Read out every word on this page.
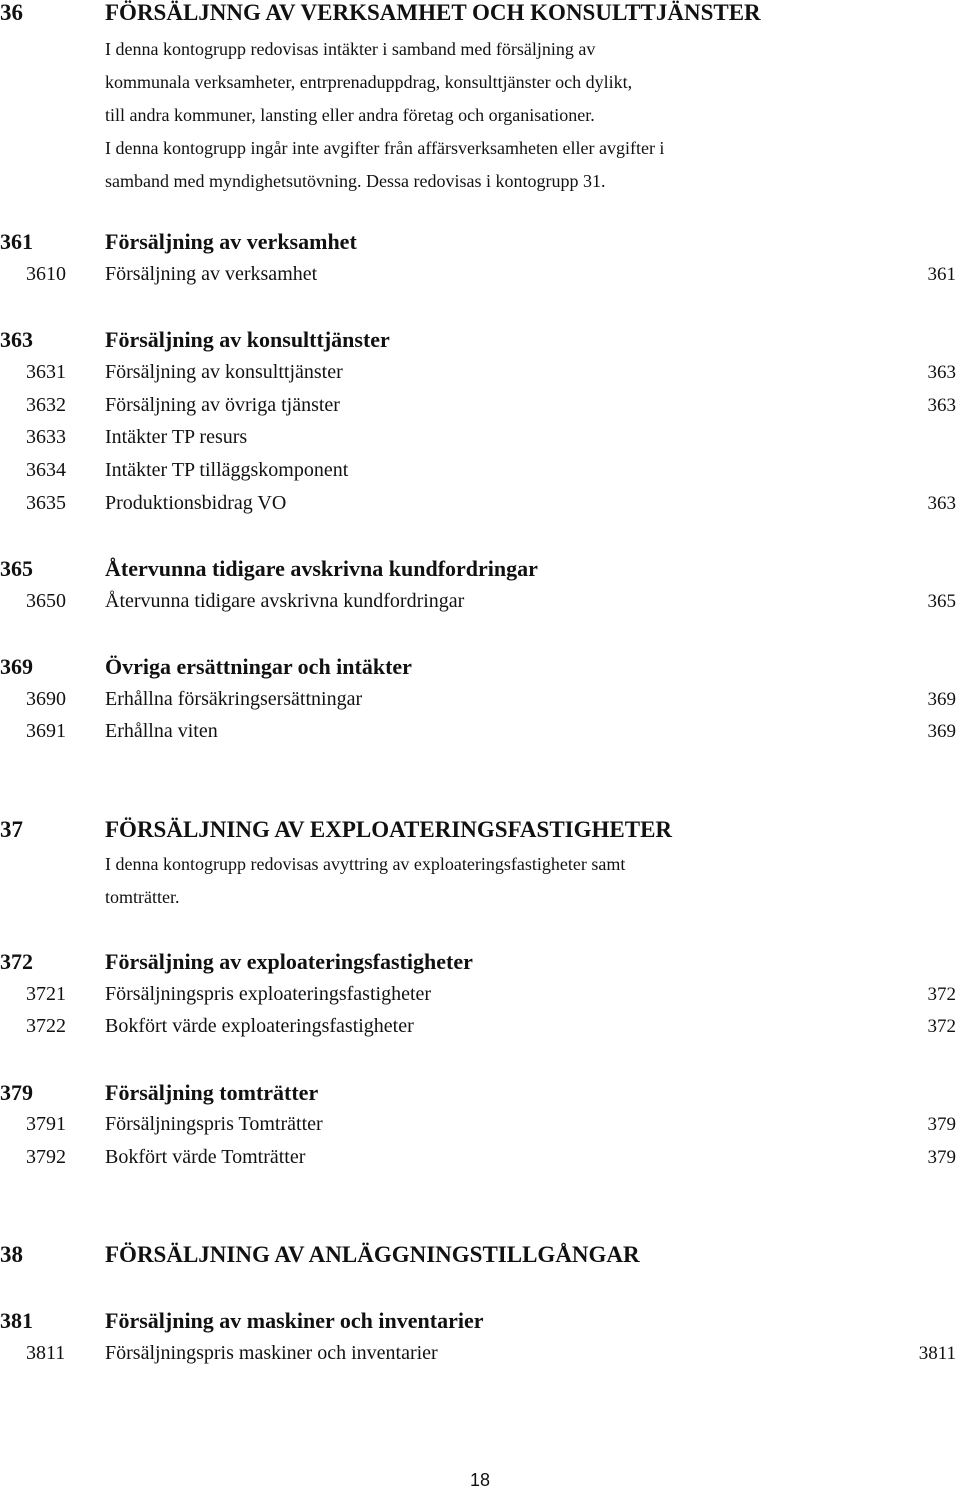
36	FÖRSÄLJNNG AV VERKSAMHET OCH KONSULTTJÄNSTER
I denna kontogrupp redovisas intäkter i samband med försäljning av
kommunala verksamheter, entrprenaduppdrag, konsulttjänster och dylikt,
till andra kommuner, lansting eller andra företag och organisationer.
I denna kontogrupp ingår inte avgifter från affärsverksamheten eller avgifter i
samband med myndighetsutövning. Dessa redovisas i kontogrupp 31.
361	Försäljning av verksamhet
3610 Försäljning av verksamhet	361
363	Försäljning av konsulttjänster
3631 Försäljning av konsulttjänster	363
3632 Försäljning av övriga tjänster	363
3633 Intäkter TP resurs
3634 Intäkter TP tilläggskomponent
3635 Produktionsbidrag VO	363
365	Återvunna tidigare avskrivna kundfordringar
3650 Återvunna tidigare avskrivna kundfordringar	365
369	Övriga ersättningar och intäkter
3690 Erhållna försäkringsersättningar	369
3691 Erhållna viten	369
37	FÖRSÄLJNING AV EXPLOATERINGSFASTIGHETER
I denna kontogrupp redovisas avyttring av exploateringsfastigheter samt
tomträtter.
372	Försäljning av exploateringsfastigheter
3721 Försäljningspris exploateringsfastigheter	372
3722 Bokfört värde exploateringsfastigheter	372
379	Försäljning tomträtter
3791 Försäljningspris Tomträtter	379
3792 Bokfört värde Tomträtter	379
38	FÖRSÄLJNING AV ANLÄGGNINGSTILLGÅNGAR
381	Försäljning av maskiner och inventarier
3811 Försäljningspris maskiner och inventarier	3811
18
